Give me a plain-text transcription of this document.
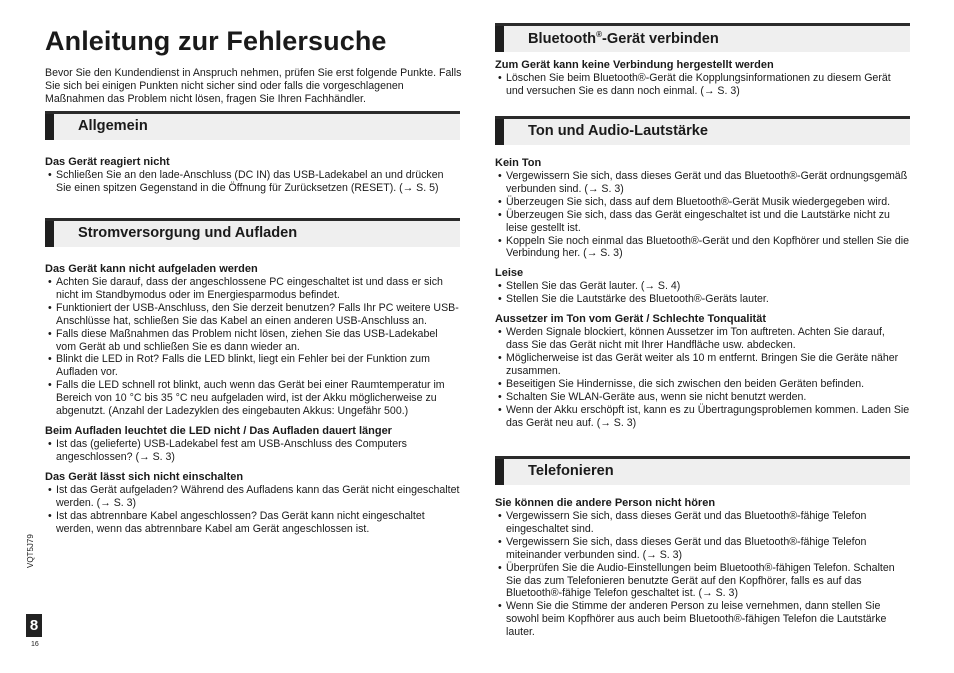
Anleitung zur Fehlersuche

Bevor Sie den Kundendienst in Anspruch nehmen, prüfen Sie erst folgende Punkte. Falls Sie sich bei einigen Punkten nicht sicher sind oder falls die vorgeschlagenen Maßnahmen das Problem nicht lösen, fragen Sie Ihren Fachhändler.

Allgemein

Das Gerät reagiert nicht

• Schließen Sie an den lade-Anschluss (DC IN) das USB-Ladekabel an und drücken Sie einen spitzen Gegenstand in die Öffnung für Zurücksetzen (RESET). (→ S. 5)
Stromversorgung und Aufladen

Das Gerät kann nicht aufgeladen werden

• Achten Sie darauf, dass der angeschlossene PC eingeschaltet ist und dass er sich nicht im Standbymodus oder im Energiesparmodus befindet.
• Funktioniert der USB-Anschluss, den Sie derzeit benutzen? Falls Ihr PC weitere USB-Anschlüsse hat, schließen Sie das Kabel an einen anderen USB-Anschluss an.
• Falls diese Maßnahmen das Problem nicht lösen, ziehen Sie das USB-Ladekabel vom Gerät ab und schließen Sie es dann wieder an.
• Blinkt die LED in Rot? Falls die LED blinkt, liegt ein Fehler bei der Funktion zum Aufladen vor.
• Falls die LED schnell rot blinkt, auch wenn das Gerät bei einer Raumtemperatur im Bereich von 10 °C bis 35 °C neu aufgeladen wird, ist der Akku möglicherweise zu abgenutzt. (Anzahl der Ladezyklen des eingebauten Akkus: Ungefähr 500.)

Beim Aufladen leuchtet die LED nicht / Das Aufladen dauert länger

• Ist das (gelieferte) USB-Ladekabel fest am USB-Anschluss des Computers angeschlossen? (→ S. 3)

Das Gerät lässt sich nicht einschalten

• Ist das Gerät aufgeladen? Während des Aufladens kann das Gerät nicht eingeschaltet werden. (→ S. 3)
• Ist das abtrennbare Kabel angeschlossen? Das Gerät kann nicht eingeschaltet werden, wenn das abtrennbare Kabel am Gerät angeschlossen ist.
Bluetooth®-Gerät verbinden

Zum Gerät kann keine Verbindung hergestellt werden

• Löschen Sie beim Bluetooth®-Gerät die Kopplungsinformationen zu diesem Gerät und versuchen Sie es dann noch einmal. (→ S. 3)
Ton und Audio-Lautstärke

Kein Ton

• Vergewissern Sie sich, dass dieses Gerät und das Bluetooth®-Gerät ordnungsgemäß verbunden sind. (→ S. 3)
• Überzeugen Sie sich, dass auf dem Bluetooth®-Gerät Musik wiedergegeben wird.
• Überzeugen Sie sich, dass das Gerät eingeschaltet ist und die Lautstärke nicht zu leise gestellt ist.
• Koppeln Sie noch einmal das Bluetooth®-Gerät und den Kopfhörer und stellen Sie die Verbindung her. (→ S. 3)

Leise

• Stellen Sie das Gerät lauter. (→ S. 4)
• Stellen Sie die Lautstärke des Bluetooth®-Geräts lauter.

Aussetzer im Ton vom Gerät / Schlechte Tonqualität

• Werden Signale blockiert, können Aussetzer im Ton auftreten. Achten Sie darauf, dass Sie das Gerät nicht mit Ihrer Handfläche usw. abdecken.
• Möglicherweise ist das Gerät weiter als 10 m entfernt. Bringen Sie die Geräte näher zusammen.
• Beseitigen Sie Hindernisse, die sich zwischen den beiden Geräten befinden.
• Schalten Sie WLAN-Geräte aus, wenn sie nicht benutzt werden.
• Wenn der Akku erschöpft ist, kann es zu Übertragungsproblemen kommen. Laden Sie das Gerät neu auf. (→ S. 3)
Telefonieren

Sie können die andere Person nicht hören

• Vergewissern Sie sich, dass dieses Gerät und das Bluetooth®-fähige Telefon eingeschaltet sind.
• Vergewissern Sie sich, dass dieses Gerät und das Bluetooth®-fähige Telefon miteinander verbunden sind. (→ S. 3)
• Überprüfen Sie die Audio-Einstellungen beim Bluetooth®-fähigen Telefon. Schalten Sie das zum Telefonieren benutzte Gerät auf den Kopfhörer, falls es auf das Bluetooth®-fähige Telefon geschaltet ist. (→ S. 3)
• Wenn Sie die Stimme der anderen Person zu leise vernehmen, dann stellen Sie sowohl beim Kopfhörer aus auch beim Bluetooth®-fähigen Telefon die Lautstärke lauter.
VQT5J79
8
16
